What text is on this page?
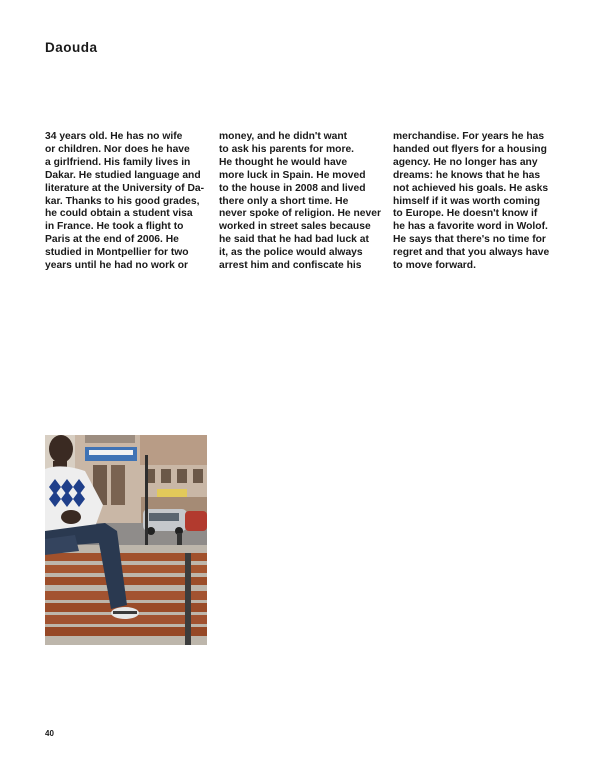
Daouda
34 years old. He has no wife
or children. Nor does he have
a girlfriend. His family lives in
Dakar. He studied language and
literature at the University of Da-
kar. Thanks to his good grades,
he could obtain a student visa
in France. He took a flight to
Paris at the end of 2006. He
studied in Montpellier for two
years until he had no work or
money, and he didn't want
to ask his parents for more.
He thought he would have
more luck in Spain. He moved
to the house in 2008 and lived
there only a short time. He
never spoke of religion. He never
worked in street sales because
he said that he had bad luck at
it, as the police would always
arrest him and confiscate his
merchandise. For years he has
handed out flyers for a housing
agency. He no longer has any
dreams: he knows that he has
not achieved his goals. He asks
himself if it was worth coming
to Europe. He doesn't know if
he has a favorite word in Wolof.
He says that there's no time for
regret and that you always have
to move forward.

40
